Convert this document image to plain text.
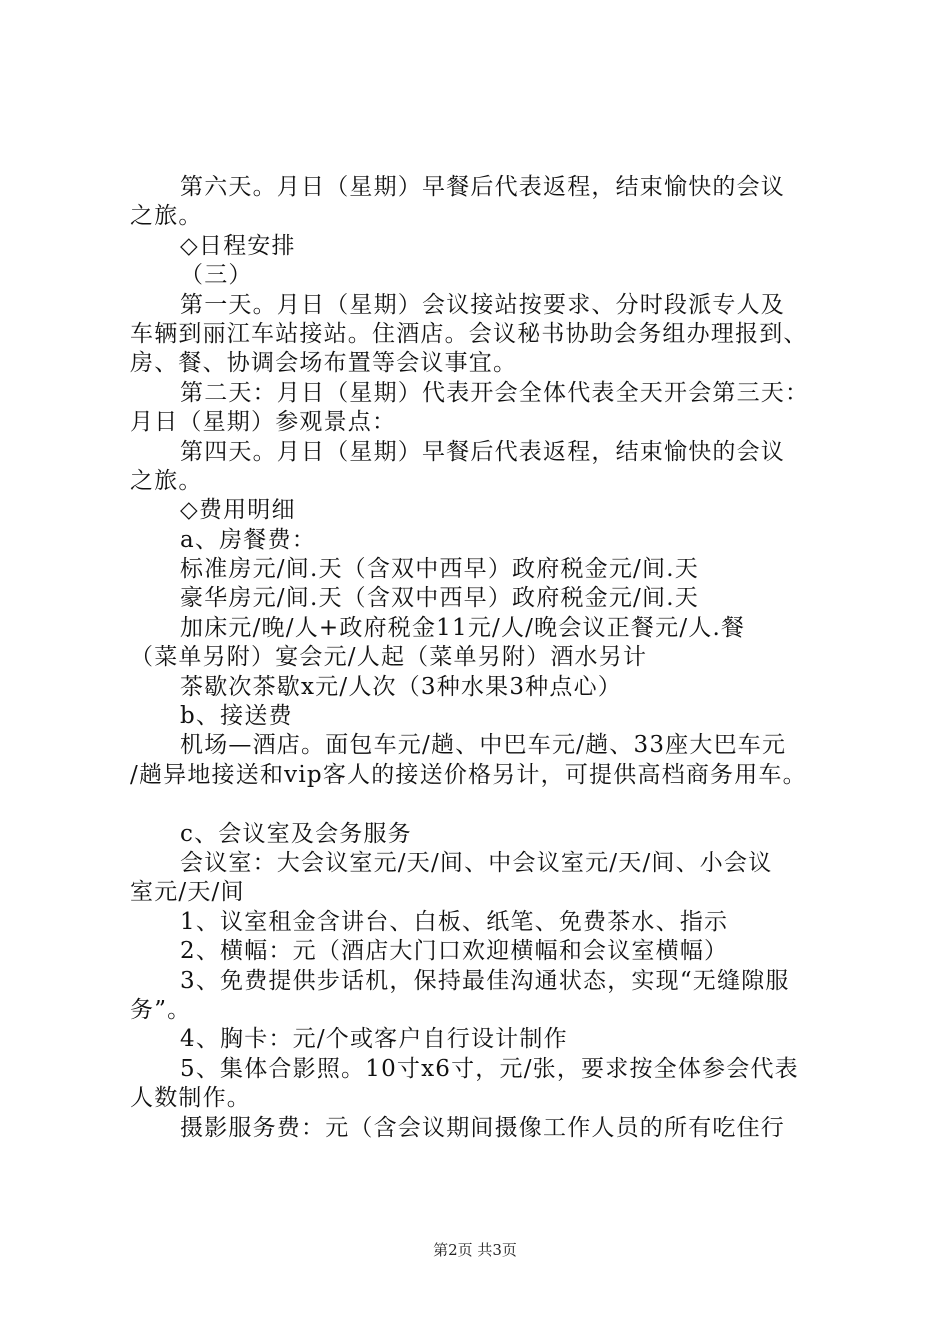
第六天。月日（星期）早餐后代表返程，结束愉快的会议
之旅。
◇日程安排
（三）
第一天。月日（星期）会议接站按要求、分时段派专人及
车辆到丽江车站接站。住酒店。会议秘书协助会务组办理报到、
房、餐、协调会场布置等会议事宜。
第二天：月日（星期）代表开会全体代表全天开会第三天：
月日（星期）参观景点：
第四天。月日（星期）早餐后代表返程，结束愉快的会议
之旅。
◇费用明细
a、房餐费：
标准房元/间.天（含双中西早）政府税金元/间.天
豪华房元/间.天（含双中西早）政府税金元/间.天
加床元/晚/人+政府税金11元/人/晚会议正餐元/人.餐
（菜单另附）宴会元/人起（菜单另附）酒水另计
茶歇次茶歇x元/人次（3种水果3种点心）
b、接送费
机场—酒店。面包车元/趟、中巴车元/趟、33座大巴车元
/趟异地接送和vip客人的接送价格另计，可提供高档商务用车。
c、会议室及会务服务
会议室：大会议室元/天/间、中会议室元/天/间、小会议
室元/天/间
1、议室租金含讲台、白板、纸笔、免费茶水、指示
2、横幅：元（酒店大门口欢迎横幅和会议室横幅）
3、免费提供步话机，保持最佳沟通状态，实现“无缝隙服
务”。
4、胸卡：元/个或客户自行设计制作
5、集体合影照。10寸x6寸，元/张，要求按全体参会代表
人数制作。
摄影服务费：元（含会议期间摄像工作人员的所有吃住行
第2页 共3页
